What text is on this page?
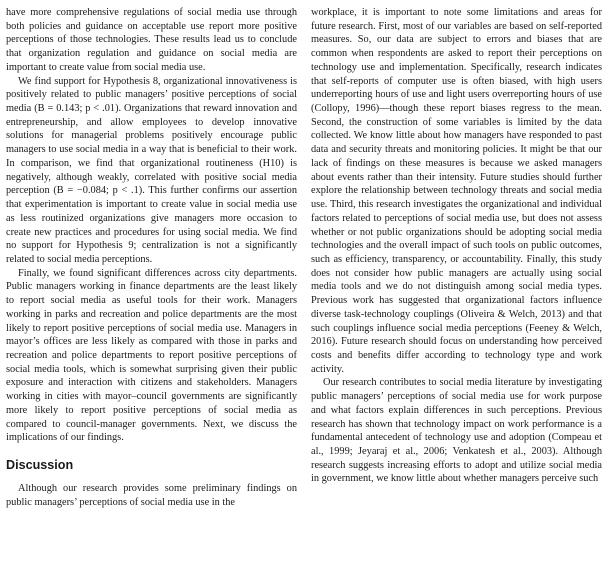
have more comprehensive regulations of social media use through both policies and guidance on acceptable use report more positive perceptions of those technologies. These results lead us to conclude that organization regulation and guidance on social media are important to create value from social media use.

We find support for Hypothesis 8, organizational innovativeness is positively related to public managers’ positive perceptions of social media (B = 0.143; p < .01). Organizations that reward innovation and entrepreneurship, and allow employees to develop innovative solutions for managerial problems positively encourage public managers to use social media in a way that is beneficial to their work. In comparison, we find that organizational routineness (H10) is negatively, although weakly, correlated with positive social media perception (B = −0.084; p < .1). This further confirms our assertion that experimentation is important to create value in social media use as less routinized organizations give managers more occasion to create new practices and procedures for using social media. We find no support for Hypothesis 9; centralization is not a significantly related to social media perceptions.

Finally, we found significant differences across city departments. Public managers working in finance departments are the least likely to report social media as useful tools for their work. Managers working in parks and recreation and police departments are the most likely to report positive perceptions of social media use. Managers in mayor’s offices are less likely as compared with those in parks and recreation and police departments to report positive perceptions of social media tools, which is somewhat surprising given their public exposure and interaction with citizens and stakeholders. Managers working in cities with mayor–council governments are significantly more likely to report positive perceptions of social media as compared to council-manager governments. Next, we discuss the implications of our findings.

Discussion

Although our research provides some preliminary findings on public managers’ perceptions of social media use in the

workplace, it is important to note some limitations and areas for future research. First, most of our variables are based on self-reported measures. So, our data are subject to errors and biases that are common when respondents are asked to report their perceptions on technology use and implementation. Specifically, research indicates that self-reports of computer use is often biased, with high users underreporting hours of use and light users overreporting hours of use (Collopy, 1996)—though these report biases regress to the mean. Second, the construction of some variables is limited by the data collected. We know little about how managers have responded to past data and security threats and monitoring policies. It might be that our lack of findings on these measures is because we asked managers about events rather than their intensity. Future studies should further explore the relationship between technology threats and social media use. Third, this research investigates the organizational and individual factors related to perceptions of social media use, but does not assess whether or not public organizations should be adopting social media technologies and the overall impact of such tools on public outcomes, such as efficiency, transparency, or accountability. Finally, this study does not consider how public managers are actually using social media tools and we do not distinguish among social media types. Previous work has suggested that organizational factors influence diverse task-technology couplings (Oliveira & Welch, 2013) and that such couplings influence social media perceptions (Feeney & Welch, 2016). Future research should focus on understanding how perceived costs and benefits differ according to technology type and work activity.

Our research contributes to social media literature by investigating public managers’ perceptions of social media use for work purpose and what factors explain differences in such perceptions. Previous research has shown that technology impact on work performance is a fundamental antecedent of technology use and adoption (Compeau et al., 1999; Jeyaraj et al., 2006; Venkatesh et al., 2003). Although research suggests increasing efforts to adopt and utilize social media in government, we know little about whether managers perceive such
